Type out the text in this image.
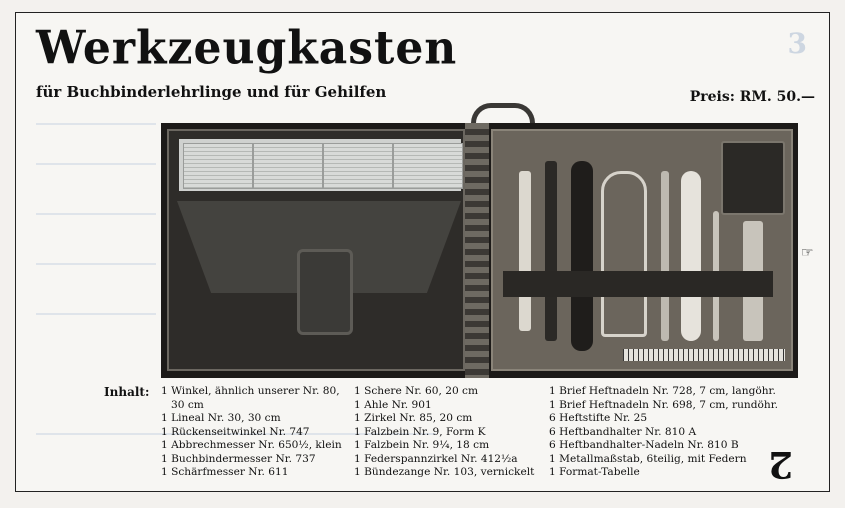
3
Werkzeugkasten
für Buchbinderlehrlinge und für Gehilfen	Preis: RM. 50.—
☞
Inhalt: 1 Winkel, ähnlich unserer Nr. 80,
30 cm
1 Lineal Nr. 30, 30 cm
1 Rückenseitwinkel Nr. 747
1 Abbrechmesser Nr. 650½, klein
1 Buchbindermesser Nr. 737
1 Schärfmesser Nr. 611
1 Schere Nr. 60, 20 cm
1 Ahle Nr. 901
1 Zirkel Nr. 85, 20 cm
1 Falzbein Nr. 9, Form K
1 Falzbein Nr. 9¼, 18 cm
1 Federspannzirkel Nr. 412½a
1 Bündezange Nr. 103, vernickelt
1 Brief Heftnadeln Nr. 728, 7 cm, langöhr.
1 Brief Heftnadeln Nr. 698, 7 cm, rundöhr.
6 Heftstifte Nr. 25
6 Heftbandhalter Nr. 810 A
6 Heftbandhalter-Nadeln Nr. 810 B
1 Metallmaßstab, 6teilig, mit Federn
1 Format-Tabelle	2
